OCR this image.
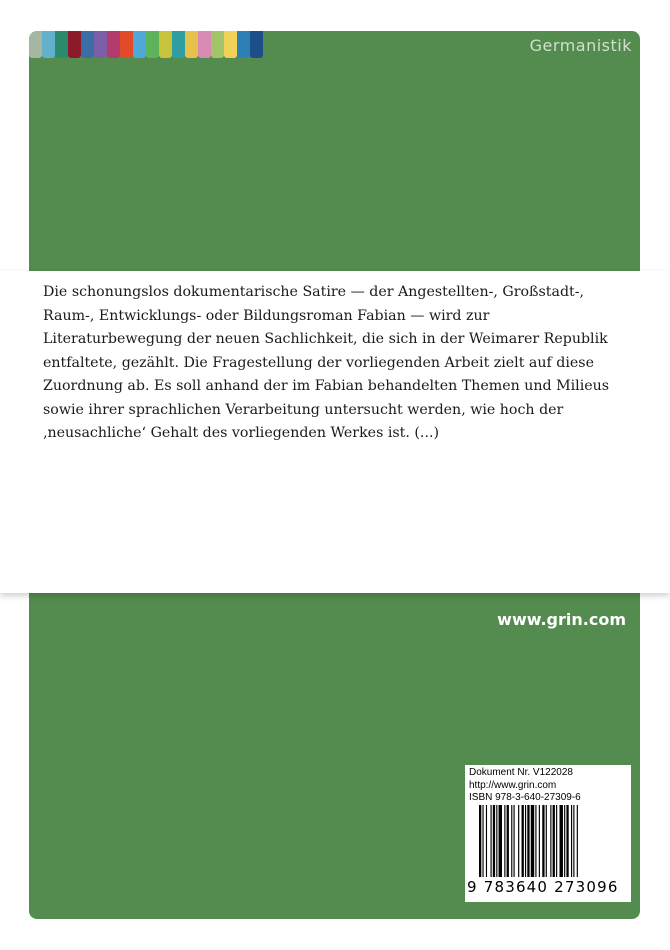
Germanistik

Die schonungslos dokumentarische Satire — der Angestellten-, Großstadt-,
Raum-, Entwicklungs- oder Bildungsroman Fabian — wird zur
Literaturbewegung der neuen Sachlichkeit, die sich in der Weimarer Republik
entfaltete, gezählt. Die Fragestellung der vorliegenden Arbeit zielt auf diese
Zuordnung ab. Es soll anhand der im Fabian behandelten Themen und Milieus
sowie ihrer sprachlichen Verarbeitung untersucht werden, wie hoch der
‚neusachliche‘ Gehalt des vorliegenden Werkes ist. (...)

www.grin.com
Dokument Nr. V122028
http://www.grin.com
ISBN 978-3-640-27309-6
9 783640 273096
